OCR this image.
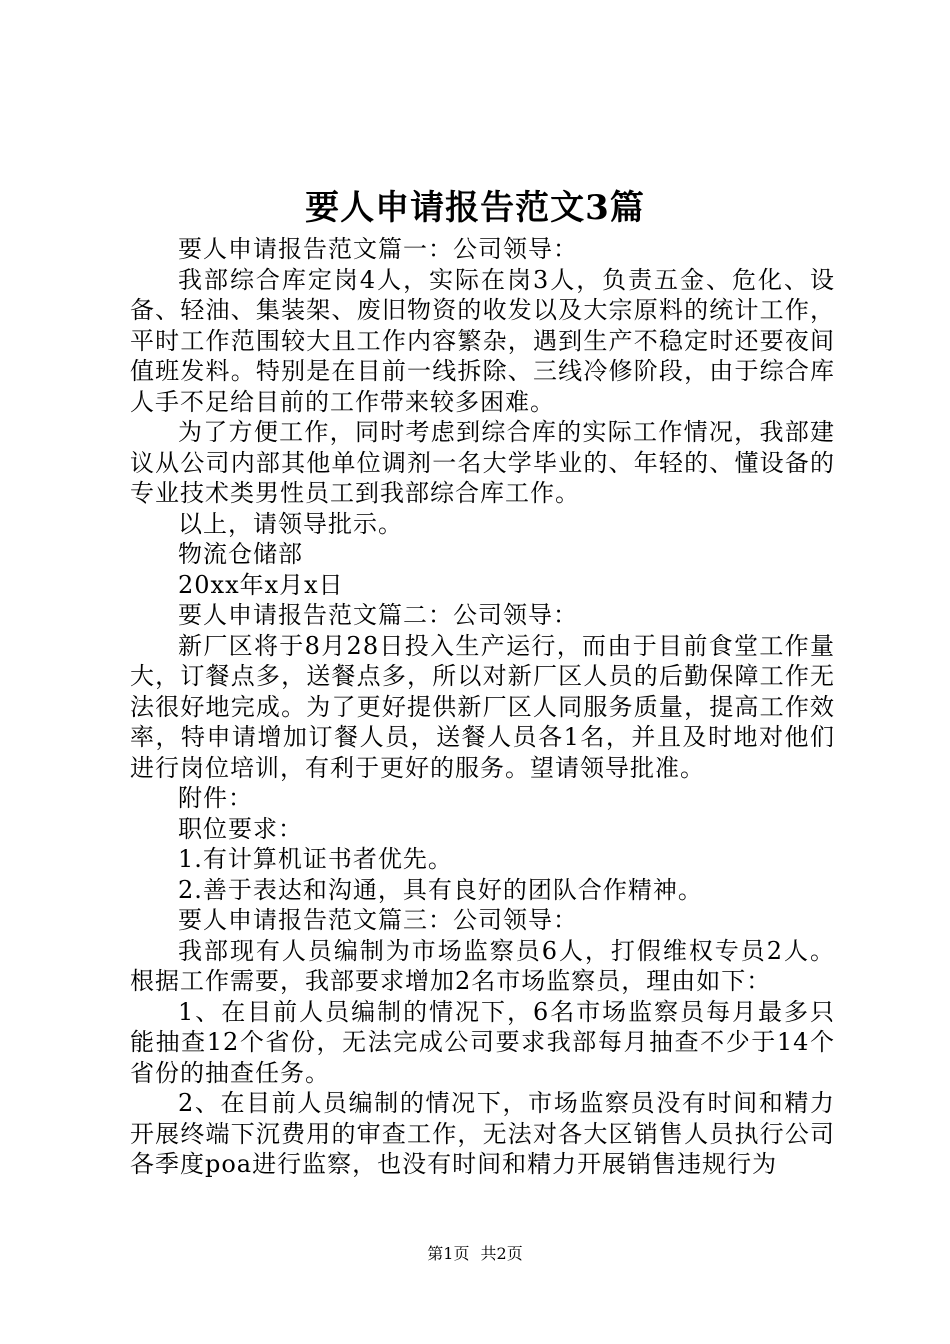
要人申请报告范文3篇

要人申请报告范文篇一：公司领导：

我部综合库定岗4人，实际在岗3人，负责五金、危化、设备、轻油、集装架、废旧物资的收发以及大宗原料的统计工作，平时工作范围较大且工作内容繁杂，遇到生产不稳定时还要夜间值班发料。特别是在目前一线拆除、三线冷修阶段，由于综合库人手不足给目前的工作带来较多困难。

为了方便工作，同时考虑到综合库的实际工作情况，我部建议从公司内部其他单位调剂一名大学毕业的、年轻的、懂设备的专业技术类男性员工到我部综合库工作。

以上，请领导批示。

物流仓储部

20xx年x月x日

要人申请报告范文篇二：公司领导：

新厂区将于8月28日投入生产运行，而由于目前食堂工作量大，订餐点多，送餐点多，所以对新厂区人员的后勤保障工作无法很好地完成。为了更好提供新厂区人同服务质量，提高工作效率，特申请增加订餐人员，送餐人员各1名，并且及时地对他们进行岗位培训，有利于更好的服务。望请领导批准。

附件：

职位要求：

1.有计算机证书者优先。

2.善于表达和沟通，具有良好的团队合作精神。

要人申请报告范文篇三：公司领导：

我部现有人员编制为市场监察员6人，打假维权专员2人。根据工作需要，我部要求增加2名市场监察员，理由如下：

1、在目前人员编制的情况下，6名市场监察员每月最多只能抽查12个省份，无法完成公司要求我部每月抽查不少于14个省份的抽查任务。

2、在目前人员编制的情况下，市场监察员没有时间和精力开展终端下沉费用的审查工作，无法对各大区销售人员执行公司各季度poa进行监察，也没有时间和精力开展销售违规行为

第1页 共2页
